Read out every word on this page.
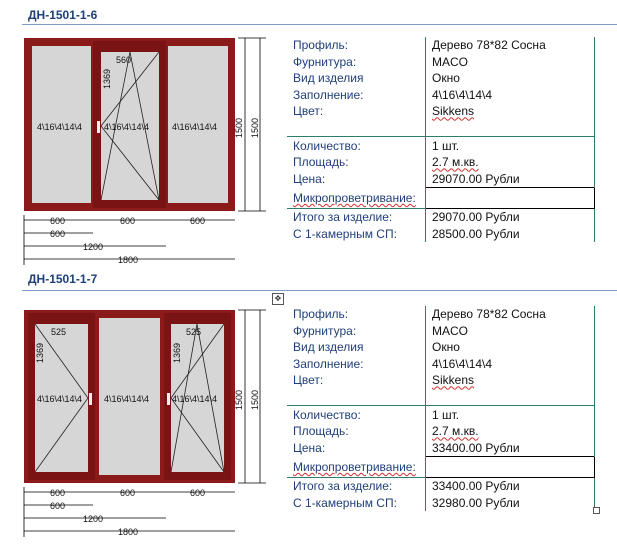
ДН-1501-1-6
4\16\4\14\4 4\16\4\14\4	4\16\4\14\4
560
1369
1500 1500
600	600	600
600
1200
1800
Профиль:	Дерево 78*82 Сосна
Фурнитура:	MACO
Вид изделия	Окно
Заполнение:	4\16\4\14\4
Цвет:	Sikkens
Количество:	1 шт.
Площадь:	2.7 м.кв.
Цена:	29070.00 Рубли
Микропроветривание:	
Итого за изделие:	29070.00 Рубли
С 1-камерным СП:	28500.00 Рубли
ДН-1501-1-7
4\16\4\14\4 4\16\4\14\4	4\16\4\14\4
525	525
1369	1369
1500 1500
600	600	600
600
1200
1800
Профиль:	Дерево 78*82 Сосна
Фурнитура:	MACO
Вид изделия	Окно
Заполнение:	4\16\4\14\4
Цвет:	Sikkens
Количество:	1 шт.
Площадь:	2.7 м.кв.
Цена:	33400.00 Рубли
Микропроветривание:	
Итого за изделие:	33400.00 Рубли
С 1-камерным СП:	32980.00 Рубли
✥
